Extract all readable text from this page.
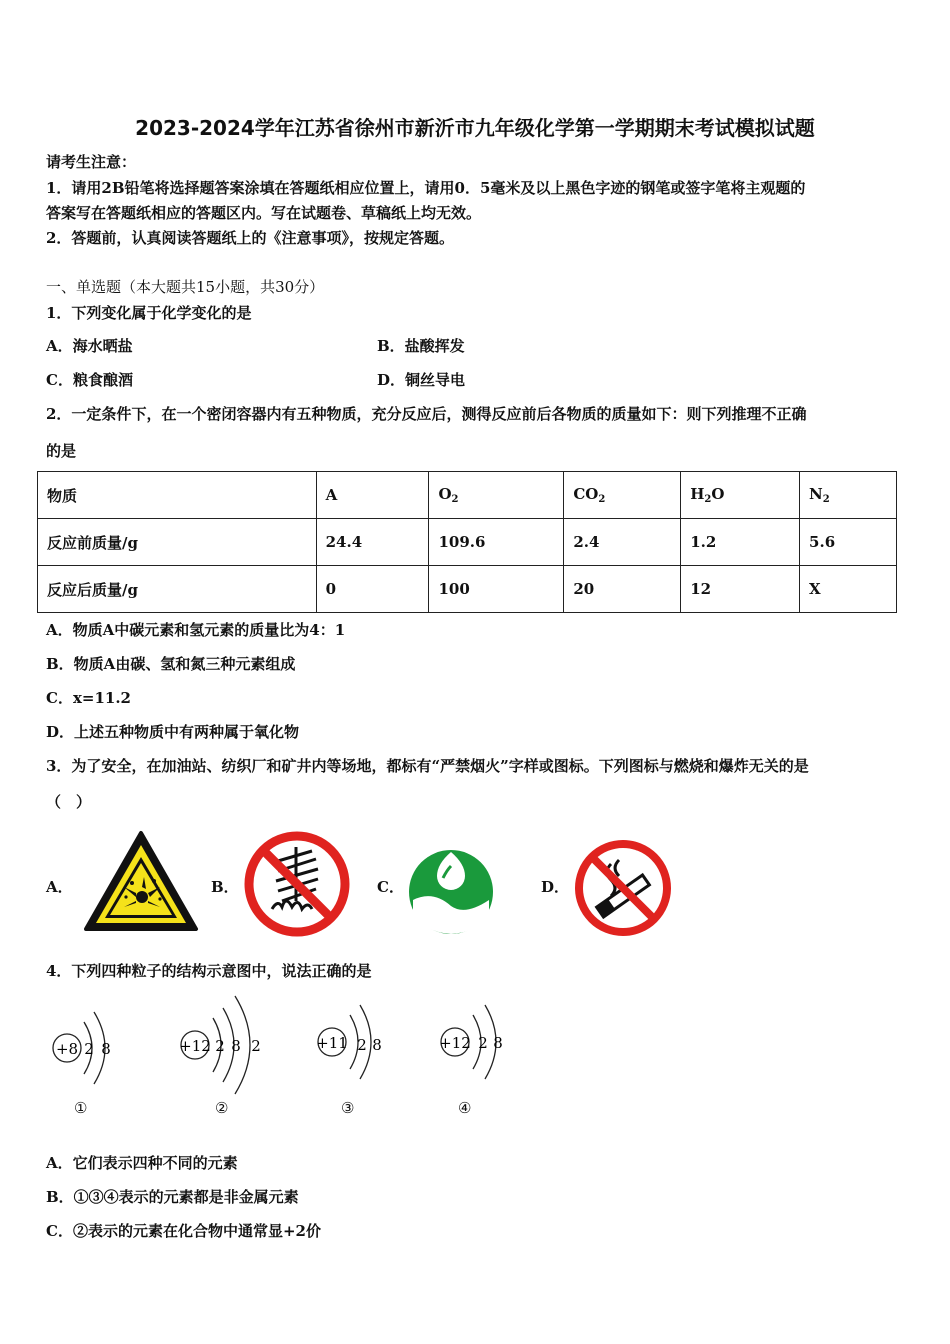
2023-2024学年江苏省徐州市新沂市九年级化学第一学期期末考试模拟试题
请考生注意：
1．请用2B铅笔将选择题答案涂填在答题纸相应位置上，请用0．5毫米及以上黑色字迹的钢笔或签字笔将主观题的
答案写在答题纸相应的答题区内。写在试题卷、草稿纸上均无效。
2．答题前，认真阅读答题纸上的《注意事项》，按规定答题。
一、单选题（本大题共15小题，共30分）
1．下列变化属于化学变化的是
A．海水晒盐	B．盐酸挥发
C．粮食酿酒	D．铜丝导电
2．一定条件下，在一个密闭容器内有五种物质，充分反应后，测得反应前后各物质的质量如下：则下列推理不正确
的是
物质	A	$O_2$	$CO_2$	$H_2O$	$N_2$
反应前质量/g	24.4	109.6	2.4	1.2	5.6
反应后质量/g	0	100	20	12	X
A．物质A中碳元素和氢元素的质量比为4：1
B．物质A由碳、氢和氮三种元素组成
C．x=11.2
D．上述五种物质中有两种属于氧化物
3．为了安全，在加油站、纺织厂和矿井内等场地，都标有“严禁烟火”字样或图标。下列图标与燃烧和爆炸无关的是
（　）
A．	B．	C．	D．
4．下列四种粒子的结构示意图中，说法正确的是
+8 2 8
①
+12 2 8 2
②
+11 2 8
③
+12 2 8
④
A．它们表示四种不同的元素
B．①③④表示的元素都是非金属元素
C．②表示的元素在化合物中通常显+2价
